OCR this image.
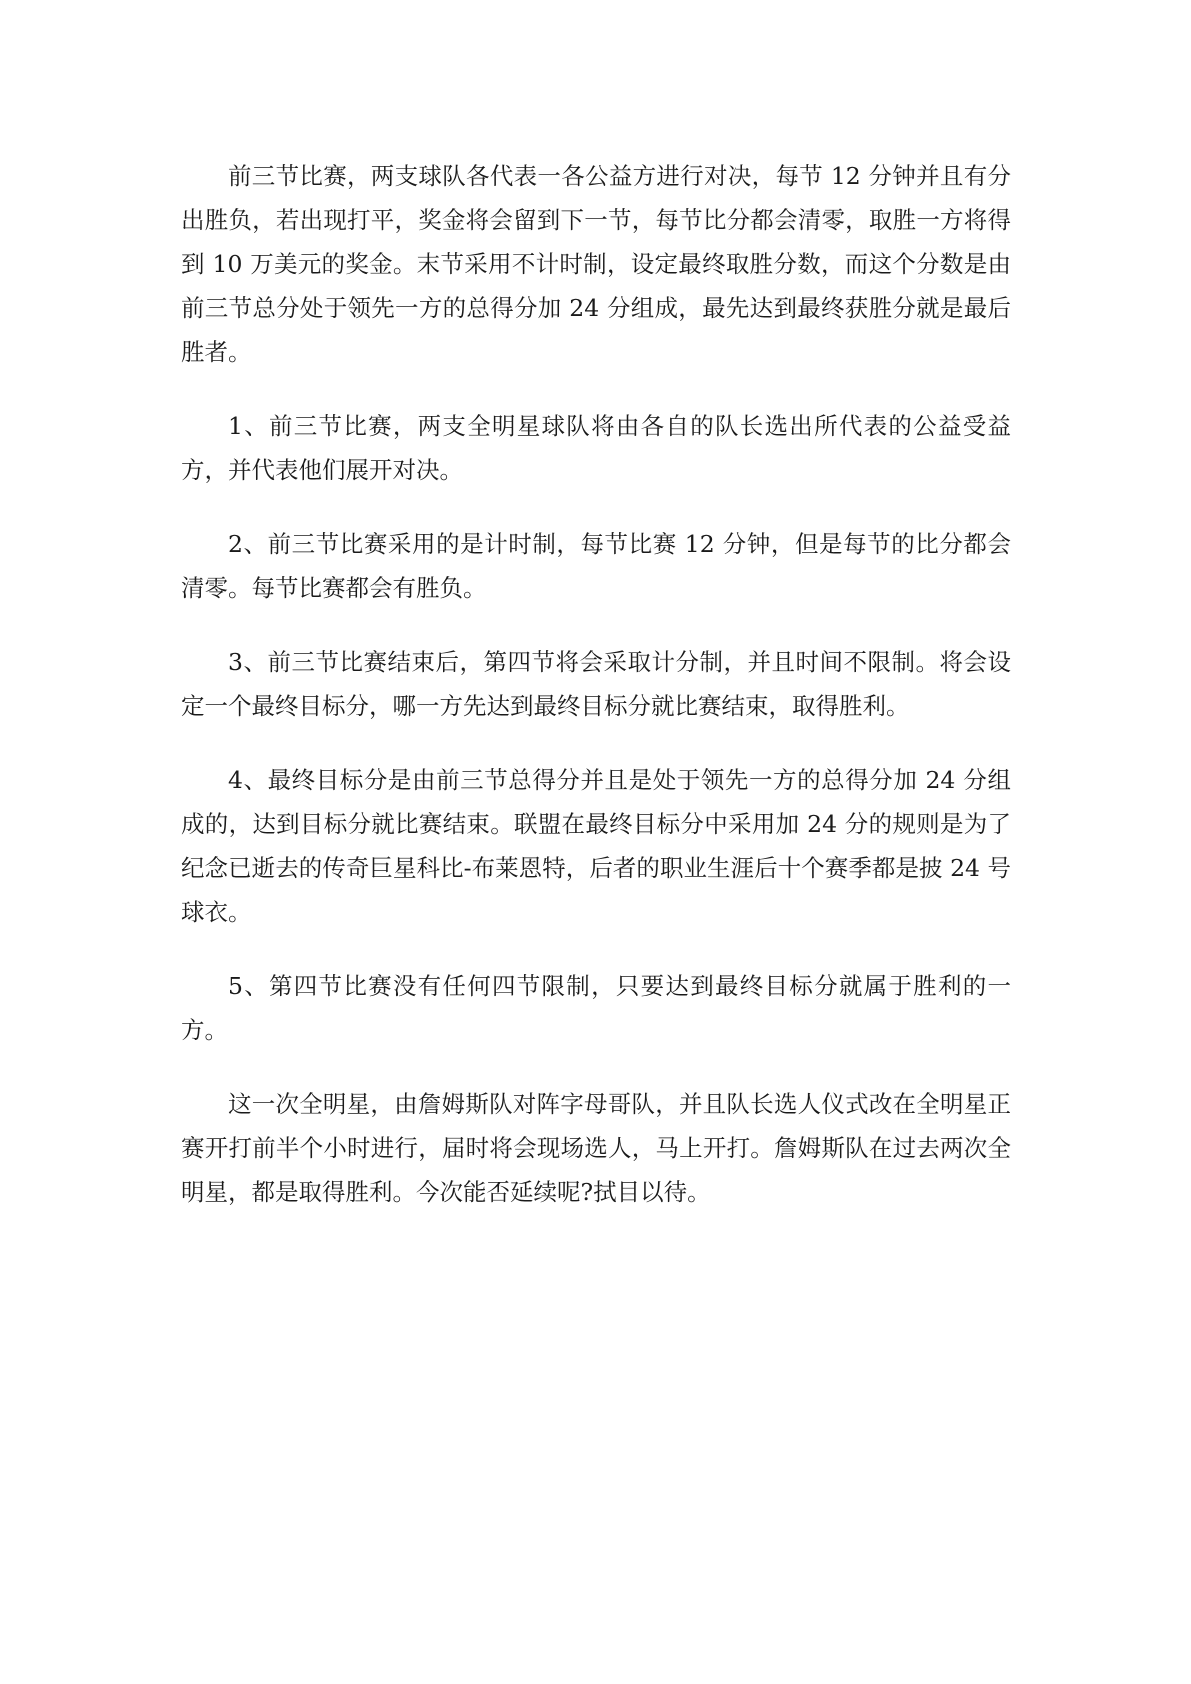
前三节比赛，两支球队各代表一各公益方进行对决，每节 12 分钟并且有分出胜负，若出现打平，奖金将会留到下一节，每节比分都会清零，取胜一方将得到 10 万美元的奖金。末节采用不计时制，设定最终取胜分数，而这个分数是由前三节总分处于领先一方的总得分加 24 分组成，最先达到最终获胜分就是最后胜者。

1、前三节比赛，两支全明星球队将由各自的队长选出所代表的公益受益方，并代表他们展开对决。

2、前三节比赛采用的是计时制，每节比赛 12 分钟，但是每节的比分都会清零。每节比赛都会有胜负。

3、前三节比赛结束后，第四节将会采取计分制，并且时间不限制。将会设定一个最终目标分，哪一方先达到最终目标分就比赛结束，取得胜利。

4、最终目标分是由前三节总得分并且是处于领先一方的总得分加 24 分组成的，达到目标分就比赛结束。联盟在最终目标分中采用加 24 分的规则是为了纪念已逝去的传奇巨星科比-布莱恩特，后者的职业生涯后十个赛季都是披 24 号球衣。

5、第四节比赛没有任何四节限制，只要达到最终目标分就属于胜利的一方。

这一次全明星，由詹姆斯队对阵字母哥队，并且队长选人仪式改在全明星正赛开打前半个小时进行，届时将会现场选人，马上开打。詹姆斯队在过去两次全明星，都是取得胜利。今次能否延续呢?拭目以待。
